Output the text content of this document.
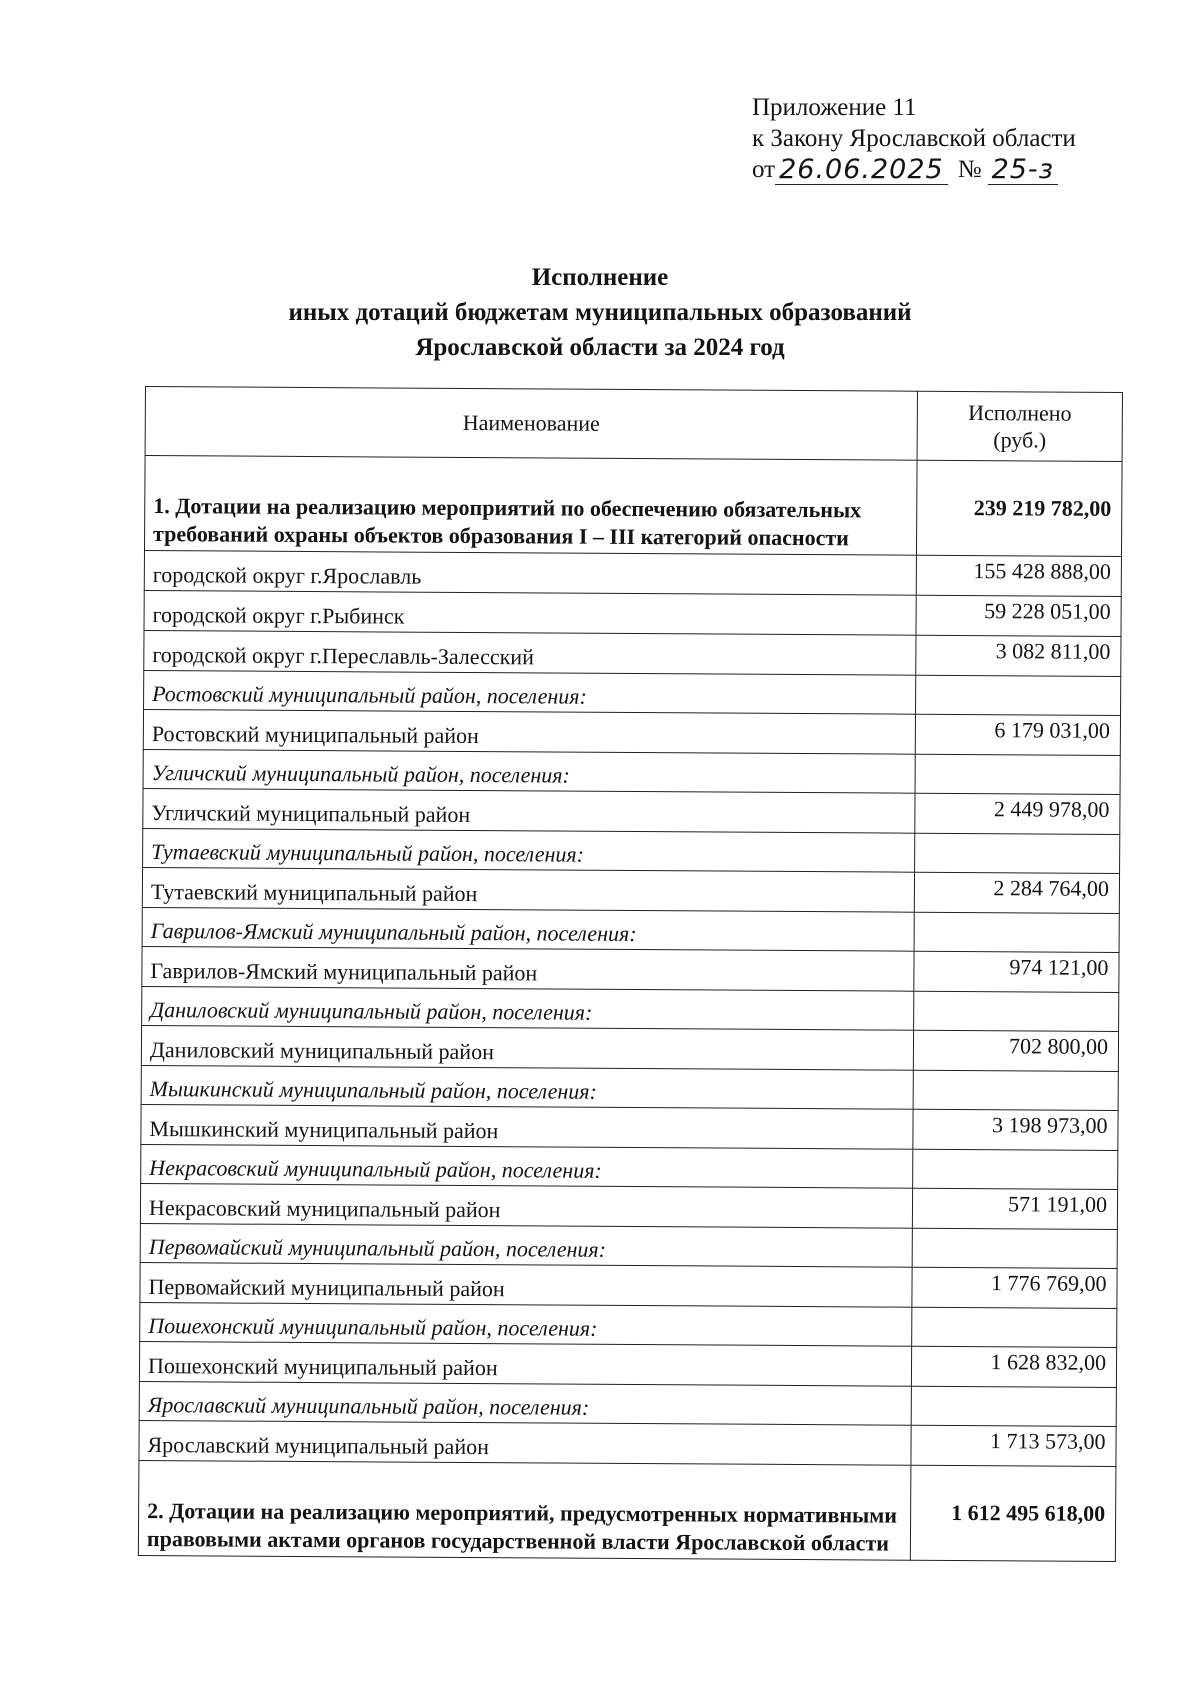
Приложение 11
к Закону Ярославской области
от 26.06.2025 № 25-з
Исполнение
иных дотаций бюджетам муниципальных образований
Ярославской области за 2024 год
Наименование	Исполнено
(руб.)

1. Дотации на реализацию мероприятий по обеспечению обязательных требований охраны объектов образования I – III категорий опасности	239 219 782,00
городской округ г.Ярославль	155 428 888,00
городской округ г.Рыбинск	59 228 051,00
городской округ г.Переславль-Залесский	3 082 811,00
Ростовский муниципальный район, поселения:	
Ростовский муниципальный район	6 179 031,00
Угличский муниципальный район, поселения:	
Угличский муниципальный район	2 449 978,00
Тутаевский муниципальный район, поселения:	
Тутаевский муниципальный район	2 284 764,00
Гаврилов-Ямский муниципальный район, поселения:	
Гаврилов-Ямский муниципальный район	974 121,00
Даниловский муниципальный район, поселения:	
Даниловский муниципальный район	702 800,00
Мышкинский муниципальный район, поселения:	
Мышкинский муниципальный район	3 198 973,00
Некрасовский муниципальный район, поселения:	
Некрасовский муниципальный район	571 191,00
Первомайский муниципальный район, поселения:	
Первомайский муниципальный район	1 776 769,00
Пошехонский муниципальный район, поселения:	
Пошехонский муниципальный район	1 628 832,00
Ярославский муниципальный район, поселения:	
Ярославский муниципальный район	1 713 573,00
2. Дотации на реализацию мероприятий, предусмотренных нормативными правовыми актами органов государственной власти Ярославской области	1 612 495 618,00
